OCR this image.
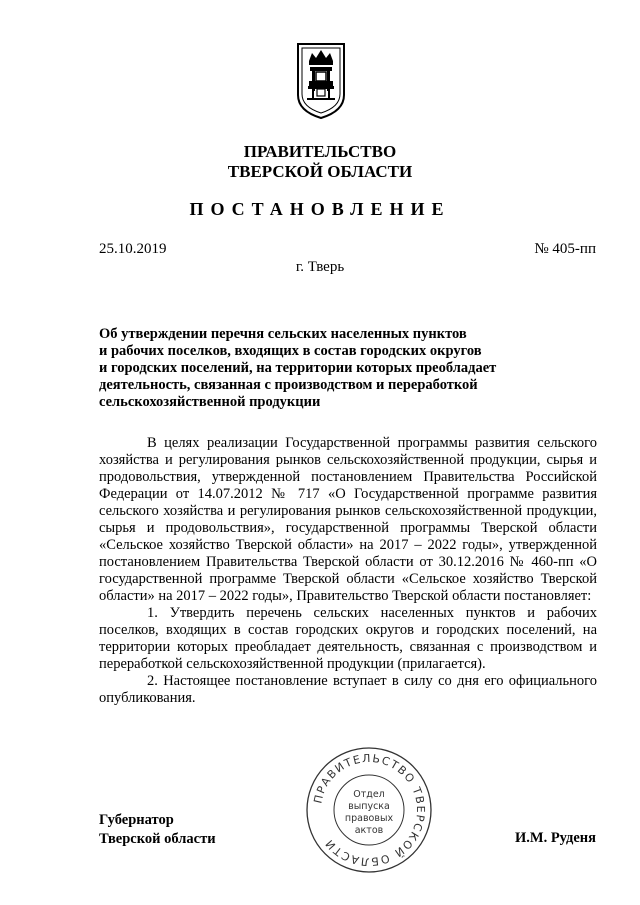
ПРАВИТЕЛЬСТВО
ТВЕРСКОЙ ОБЛАСТИ
ПОСТАНОВЛЕНИЕ
25.10.2019	№ 405-пп
г. Тверь
Об утверждении перечня сельских населенных пунктов
и рабочих поселков, входящих в состав городских округов
и городских поселений, на территории которых преобладает
деятельность, связанная с производством и переработкой
сельскохозяйственной продукции

В целях реализации Государственной программы развития сельского хозяйства и регулирования рынков сельскохозяйственной продукции, сырья и продовольствия, утвержденной постановлением Правительства Российской Федерации от 14.07.2012 № 717 «О Государственной программе развития сельского хозяйства и регулирования рынков сельскохозяйственной продукции, сырья и продовольствия», государственной программы Тверской области «Сельское хозяйство Тверской области» на 2017 – 2022 годы», утвержденной постановлением Правительства Тверской области от 30.12.2016 № 460-пп «О государственной программе Тверской области «Сельское хозяйство Тверской области» на 2017 – 2022 годы», Правительство Тверской области постановляет:

1. Утвердить перечень сельских населенных пунктов и рабочих поселков, входящих в состав городских округов и городских поселений, на территории которых преобладает деятельность, связанная с производством и переработкой сельскохозяйственной продукции (прилагается).

2. Настоящее постановление вступает в силу со дня его официального опубликования.

Губернатор
Тверской области	И.М. Руденя
ПРАВИТЕЛЬСТВО ТВЕРСКОЙ ОБЛАСТИ
Отдел
выпуска
правовых
актов
